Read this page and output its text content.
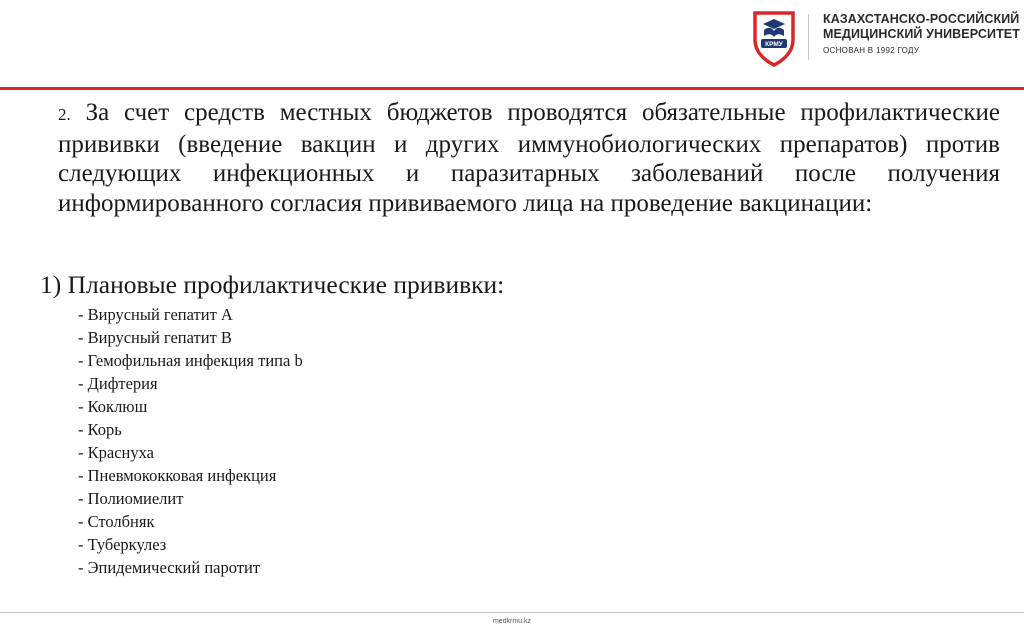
КРМУ
КАЗАХСТАНСКО-РОССИЙСКИЙ
МЕДИЦИНСКИЙ УНИВЕРСИТЕТ
ОСНОВАН В 1992 ГОДУ

2. За счет средств местных бюджетов проводятся обязательные профилактические прививки (введение вакцин и других иммунобиологических препаратов) против следующих инфекционных и паразитарных заболеваний после получения информированного согласия прививаемого лица на проведение вакцинации:

1) Плановые профилактические прививки:
- Вирусный гепатит А
- Вирусный гепатит В
- Гемофильная инфекция типа b
- Дифтерия
- Коклюш
- Корь
- Краснуха
- Пневмококковая инфекция
- Полиомиелит
- Столбняк
- Туберкулез
- Эпидемический паротит
medkrmu.kz
